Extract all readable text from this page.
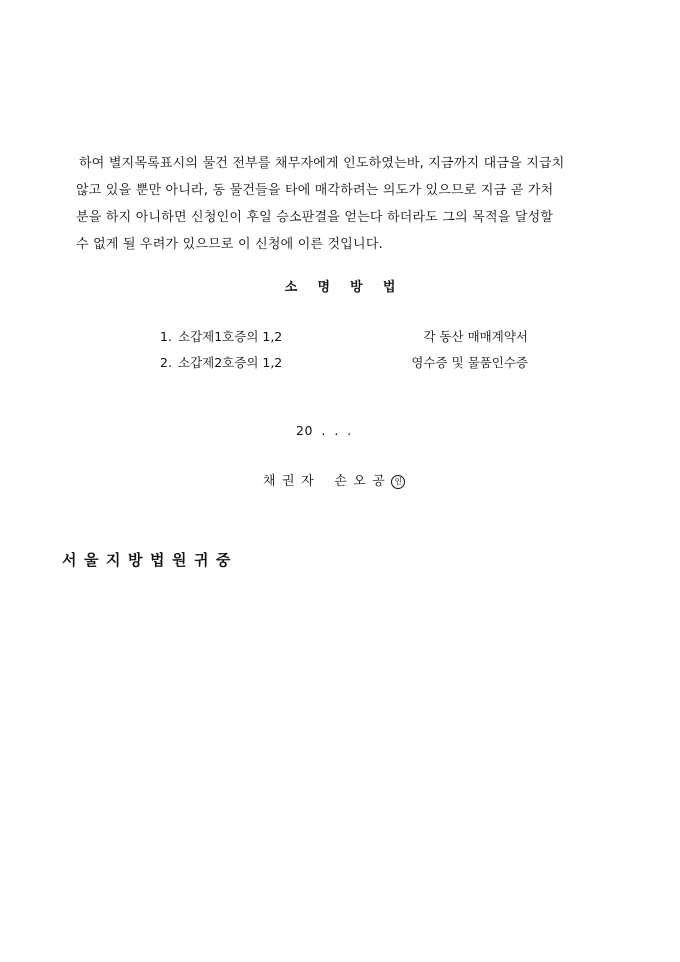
하여 별지목록표시의 물건 전부를 채무자에게 인도하였는바, 지금까지 대금을 지급치
않고 있을 뿐만 아니라, 동 물건들을 타에 매각하려는 의도가 있으므로 지금 곧 가처
분을 하지 아니하면 신청인이 후일 승소판결을 얻는다 하더라도 그의 목적을 달성할
수 없게 될 우려가 있으므로 이 신청에 이른 것입니다.
소 명 방 법
1. 소갑제1호증의 1,2	각 동산 매매계약서
2. 소갑제2호증의 1,2	영수증 및 물품인수증
20 . . .
채권자 손오공 인
서울지방법원귀중
